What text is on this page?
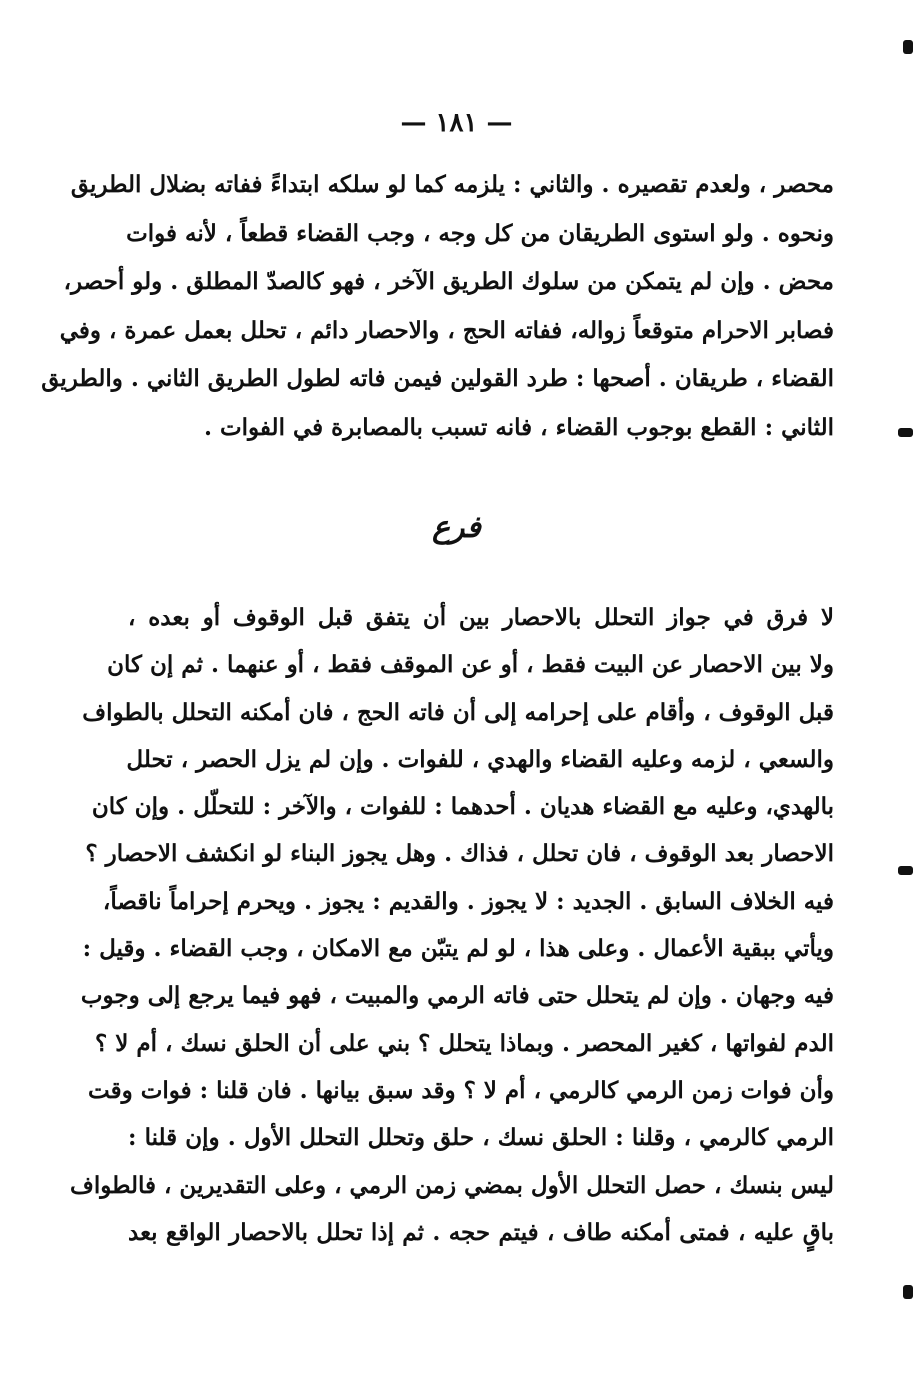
— ١٨١ —
محصر ، ولعدم تقصيره . والثاني : يلزمه كما لو سلكه ابتداءً ففاته بضلال الطريق
ونحوه . ولو استوى الطريقان من كل وجه ، وجب القضاء قطعاً ، لأنه فوات
محض . وإن لم يتمكن من سلوك الطريق الآخر ، فهو كالصدّ المطلق . ولو أحصر،
فصابر الاحرام متوقعاً زواله، ففاته الحج ، والاحصار دائم ، تحلل بعمل عمرة ، وفي
القضاء ، طريقان . أصحها : طرد القولين فيمن فاته لطول الطريق الثاني . والطريق
الثاني : القطع بوجوب القضاء ، فانه تسبب بالمصابرة في الفوات .
فرع
لا فرق في جواز التحلل بالاحصار بين أن يتفق قبل الوقوف أو بعده ،
ولا بين الاحصار عن البيت فقط ، أو عن الموقف فقط ، أو عنهما . ثم إن كان
قبل الوقوف ، وأقام على إحرامه إلى أن فاته الحج ، فان أمكنه التحلل بالطواف
والسعي ، لزمه وعليه القضاء والهدي ، للفوات . وإن لم يزل الحصر ، تحلل
بالهدي، وعليه مع القضاء هديان . أحدهما : للفوات ، والآخر : للتحلّل . وإن كان
الاحصار بعد الوقوف ، فان تحلل ، فذاك . وهل يجوز البناء لو انكشف الاحصار ؟
فيه الخلاف السابق . الجديد : لا يجوز . والقديم : يجوز . ويحرم إحراماً ناقصاً،
ويأتي ببقية الأعمال . وعلى هذا ، لو لم يتبّن مع الامكان ، وجب القضاء . وقيل :
فيه وجهان . وإن لم يتحلل حتى فاته الرمي والمبيت ، فهو فيما يرجع إلى وجوب
الدم لفواتها ، كغير المحصر . وبماذا يتحلل ؟ بني على أن الحلق نسك ، أم لا ؟
وأن فوات زمن الرمي كالرمي ، أم لا ؟ وقد سبق بيانها . فان قلنا : فوات وقت
الرمي كالرمي ، وقلنا : الحلق نسك ، حلق وتحلل التحلل الأول . وإن قلنا :
ليس بنسك ، حصل التحلل الأول بمضي زمن الرمي ، وعلى التقديرين ، فالطواف
باقٍ عليه ، فمتى أمكنه طاف ، فيتم حجه . ثم إذا تحلل بالاحصار الواقع بعد
